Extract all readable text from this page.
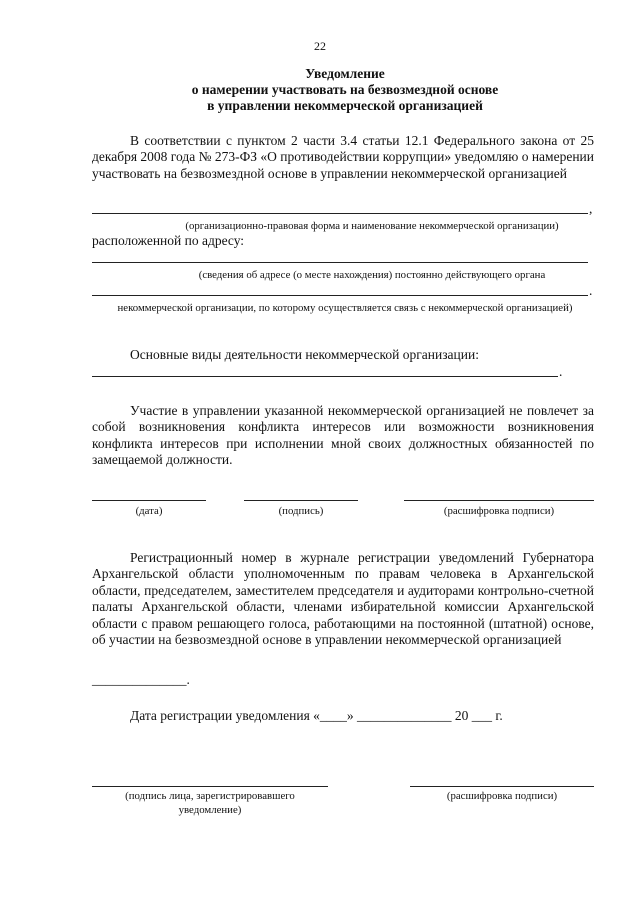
22
Уведомление
о намерении участвовать на безвозмездной основе
в управлении некоммерческой организацией
В соответствии с пунктом 2 части 3.4 статьи 12.1 Федерального закона от 25 декабря 2008 года № 273-ФЗ «О противодействии коррупции» уведомляю о намерении участвовать на безвозмездной основе в управлении некоммерческой организацией
,
(организационно-правовая форма и наименование некоммерческой организации)
расположенной по адресу:
(сведения об адресе (о месте нахождения) постоянно действующего органа
.
некоммерческой организации, по которому осуществляется связь с некоммерческой организацией)
Основные виды деятельности некоммерческой организации:
.
Участие в управлении указанной некоммерческой организацией не повлечет за собой возникновения конфликта интересов или возможности возникновения конфликта интересов при исполнении мной своих должностных обязанностей по замещаемой должности.
(дата)	(подпись)	(расшифровка подписи)
Регистрационный номер в журнале регистрации уведомлений Губернатора Архангельской области уполномоченным по правам человека в Архангельской области, председателем, заместителем председателя и аудиторами контрольно-счетной палаты Архангельской области, членами избирательной комиссии Архангельской области с правом решающего голоса, работающими на постоянной (штатной) основе, об участии на безвозмездной основе в управлении некоммерческой организацией
______________.
Дата регистрации уведомления «____» ______________ 20 ___ г.
(подпись лица, зарегистрировавшего уведомление)
(расшифровка подписи)
